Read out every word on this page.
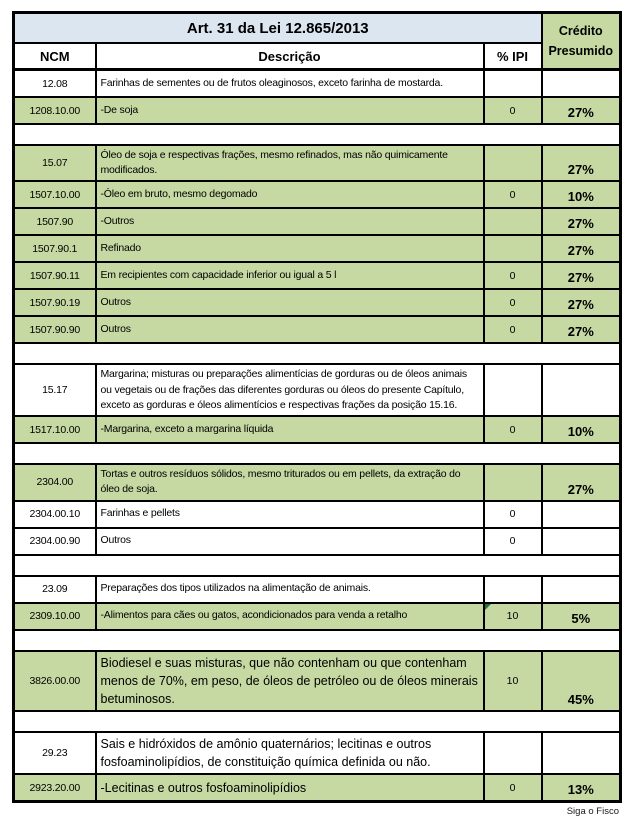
Art. 31 da Lei 12.865/2013			Crédito
Presumido

NCM	Descrição	% IPI	
12.08	Farinhas de sementes ou de frutos oleaginosos, exceto farinha de mostarda.		
1208.10.00	-De soja	0	27%

15.07	Óleo de soja e respectivas frações, mesmo refinados, mas não quimicamente modificados.		27%
1507.10.00	-Óleo em bruto, mesmo degomado	0	10%
1507.90	-Outros		27%
1507.90.1	Refinado		27%
1507.90.11	Em recipientes com capacidade inferior ou igual a 5 l	0	27%
1507.90.19	Outros	0	27%
1507.90.90	Outros	0	27%

15.17	Margarina; misturas ou preparações alimentícias de gorduras ou de óleos animais ou vegetais ou de frações das diferentes gorduras ou óleos do presente Capítulo, exceto as gorduras e óleos alimentícios e respectivas frações da posição 15.16.		
1517.10.00	-Margarina, exceto a margarina líquida	0	10%

2304.00	Tortas e outros resíduos sólidos, mesmo triturados ou em pellets, da extração do óleo de soja.		27%
2304.00.10	Farinhas e pellets	0	
2304.00.90	Outros	0	

23.09	Preparações dos tipos utilizados na alimentação de animais.		
2309.10.00	-Alimentos para cães ou gatos, acondicionados para venda a retalho	10	5%

3826.00.00	Biodiesel e suas misturas, que não contenham ou que contenham menos de 70%, em peso, de óleos de petróleo ou de óleos minerais betuminosos.	10	45%

29.23	Sais e hidróxidos de amônio quaternários; lecitinas e outros fosfoaminolipídios, de constituição química definida ou não.		
2923.20.00	-Lecitinas e outros fosfoaminolipídios	0	13%
Siga o Fisco
